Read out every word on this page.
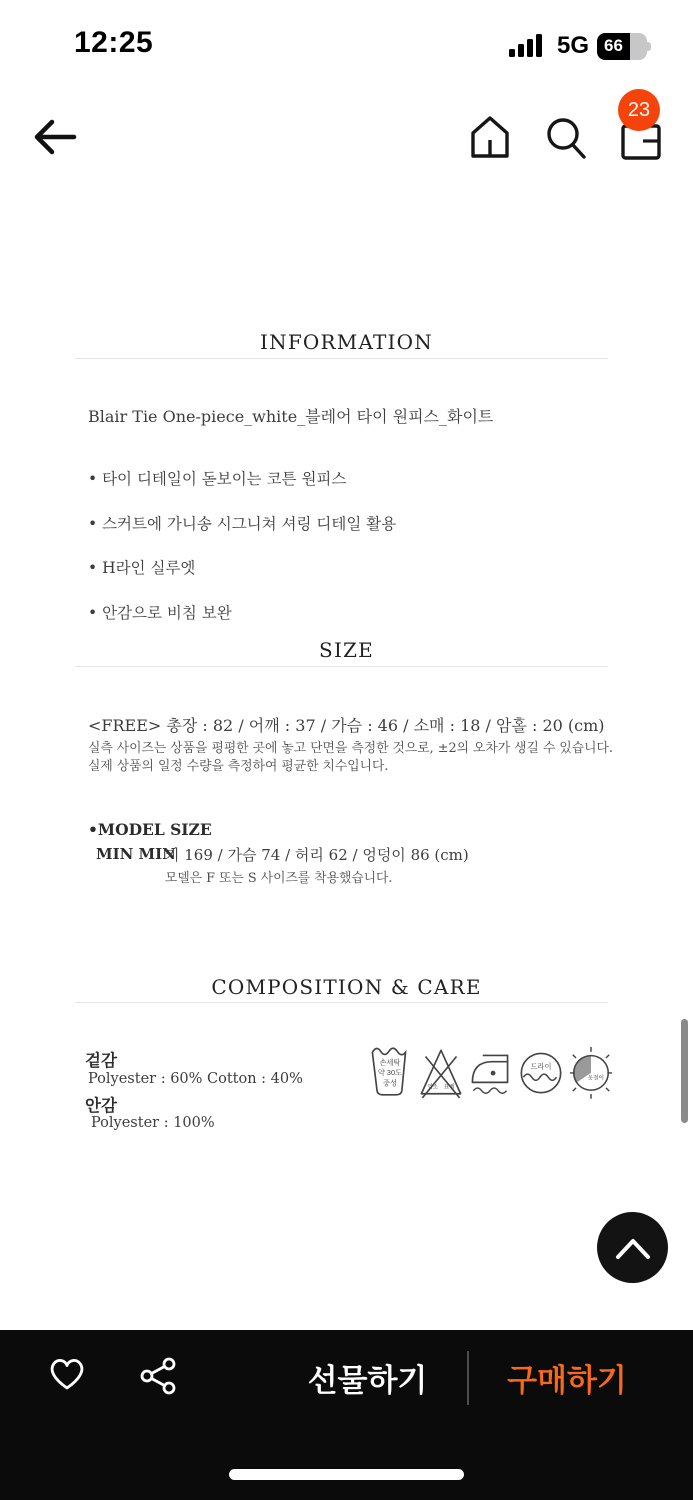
12:25	5G 66
23
INFORMATION
Blair Tie One-piece_white_블레어 타이 원피스_화이트

• 타이 디테일이 돋보이는 코튼 원피스

• 스커트에 가니송 시그니쳐 셔링 디테일 활용

• H라인 실루엣

• 안감으로 비침 보완

SIZE
<FREE> 총장 : 82 / 어깨 : 37 / 가슴 : 46 / 소매 : 18 / 암홀 : 20 (cm)
실측 사이즈는 상품을 평평한 곳에 놓고 단면을 측정한 것으로, ±2의 오차가 생길 수 있습니다.
실제 상품의 일정 수량을 측정하여 평균한 치수입니다.
•MODEL SIZE
MIN MIN
키 169 / 가슴 74 / 허리 62 / 엉덩이 86 (cm)
모델은 F 또는 S 사이즈를 착용했습니다.
COMPOSITION & CARE
겉감
Polyester : 60% Cotton : 40%
안감
Polyester : 100%
손세탁
약 30도
중성
염소 표백
드라이
옷걸이
선물하기	구매하기
